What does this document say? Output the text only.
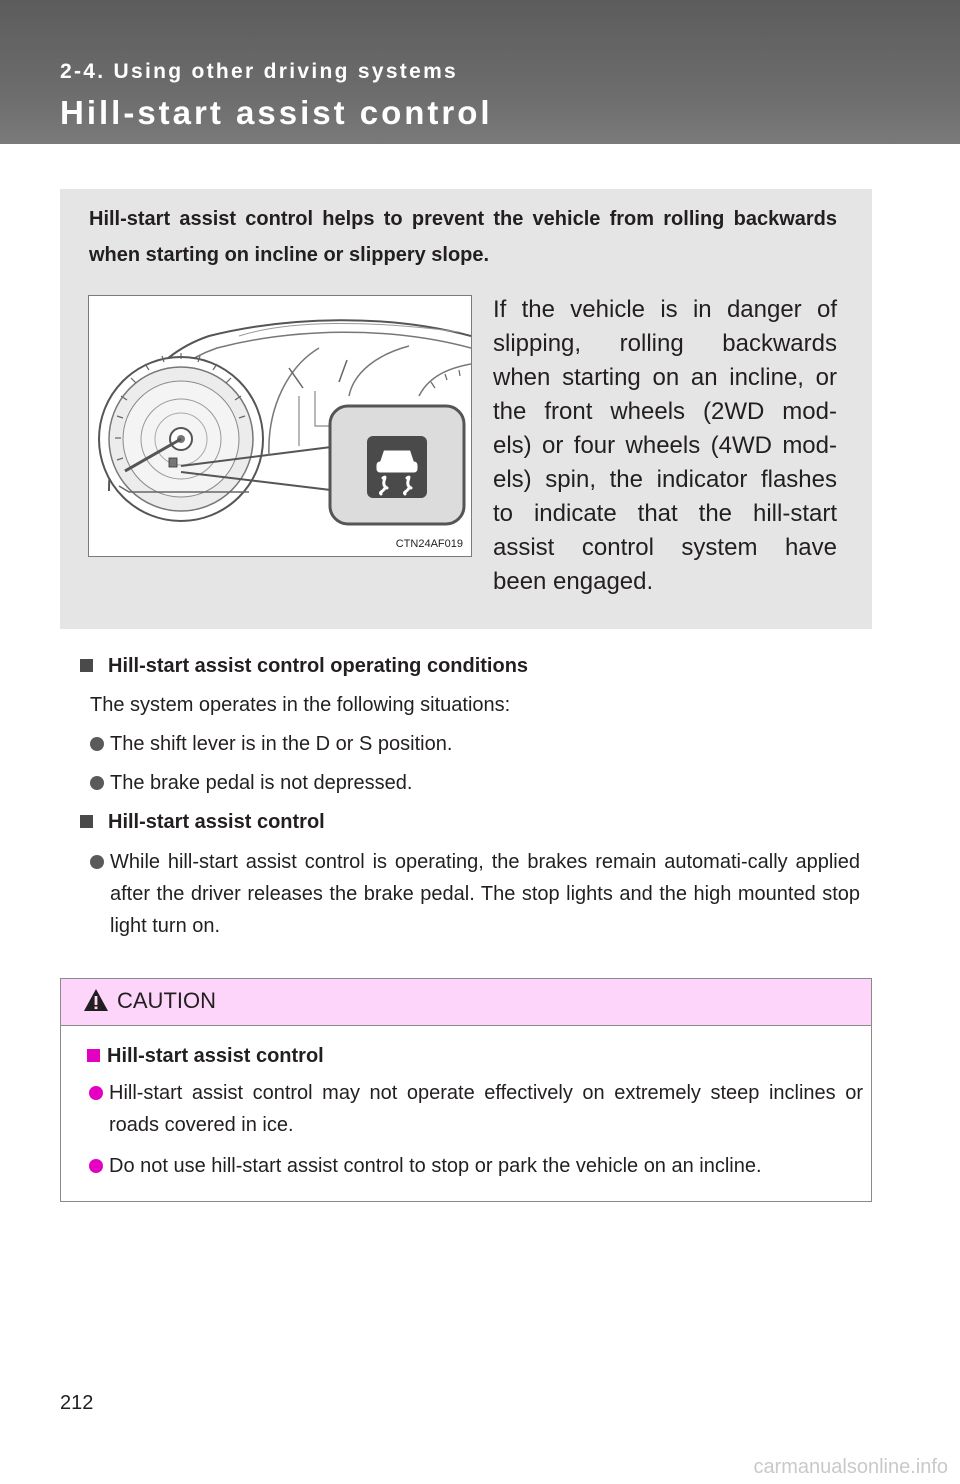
2-4. Using other driving systems
Hill-start assist control
Hill-start assist control helps to prevent the vehicle from rolling backwards when starting on incline or slippery slope.
CTN24AF019
If the vehicle is in danger of
slipping, rolling backwards
when starting on an incline, or
the front wheels (2WD mod-
els) or four wheels (4WD mod-
els) spin, the indicator flashes
to indicate that the hill-start
assist control system have
been engaged.
Hill-start assist control operating conditions
The system operates in the following situations:
The shift lever is in the D or S position.
The brake pedal is not depressed.
Hill-start assist control
While hill-start assist control is operating, the brakes remain automati-cally applied after the driver releases the brake pedal. The stop lights and the high mounted stop light turn on.
CAUTION
Hill-start assist control
Hill-start assist control may not operate effectively on extremely steep inclines or roads covered in ice.
Do not use hill-start assist control to stop or park the vehicle on an incline.
212
carmanualsonline.info
